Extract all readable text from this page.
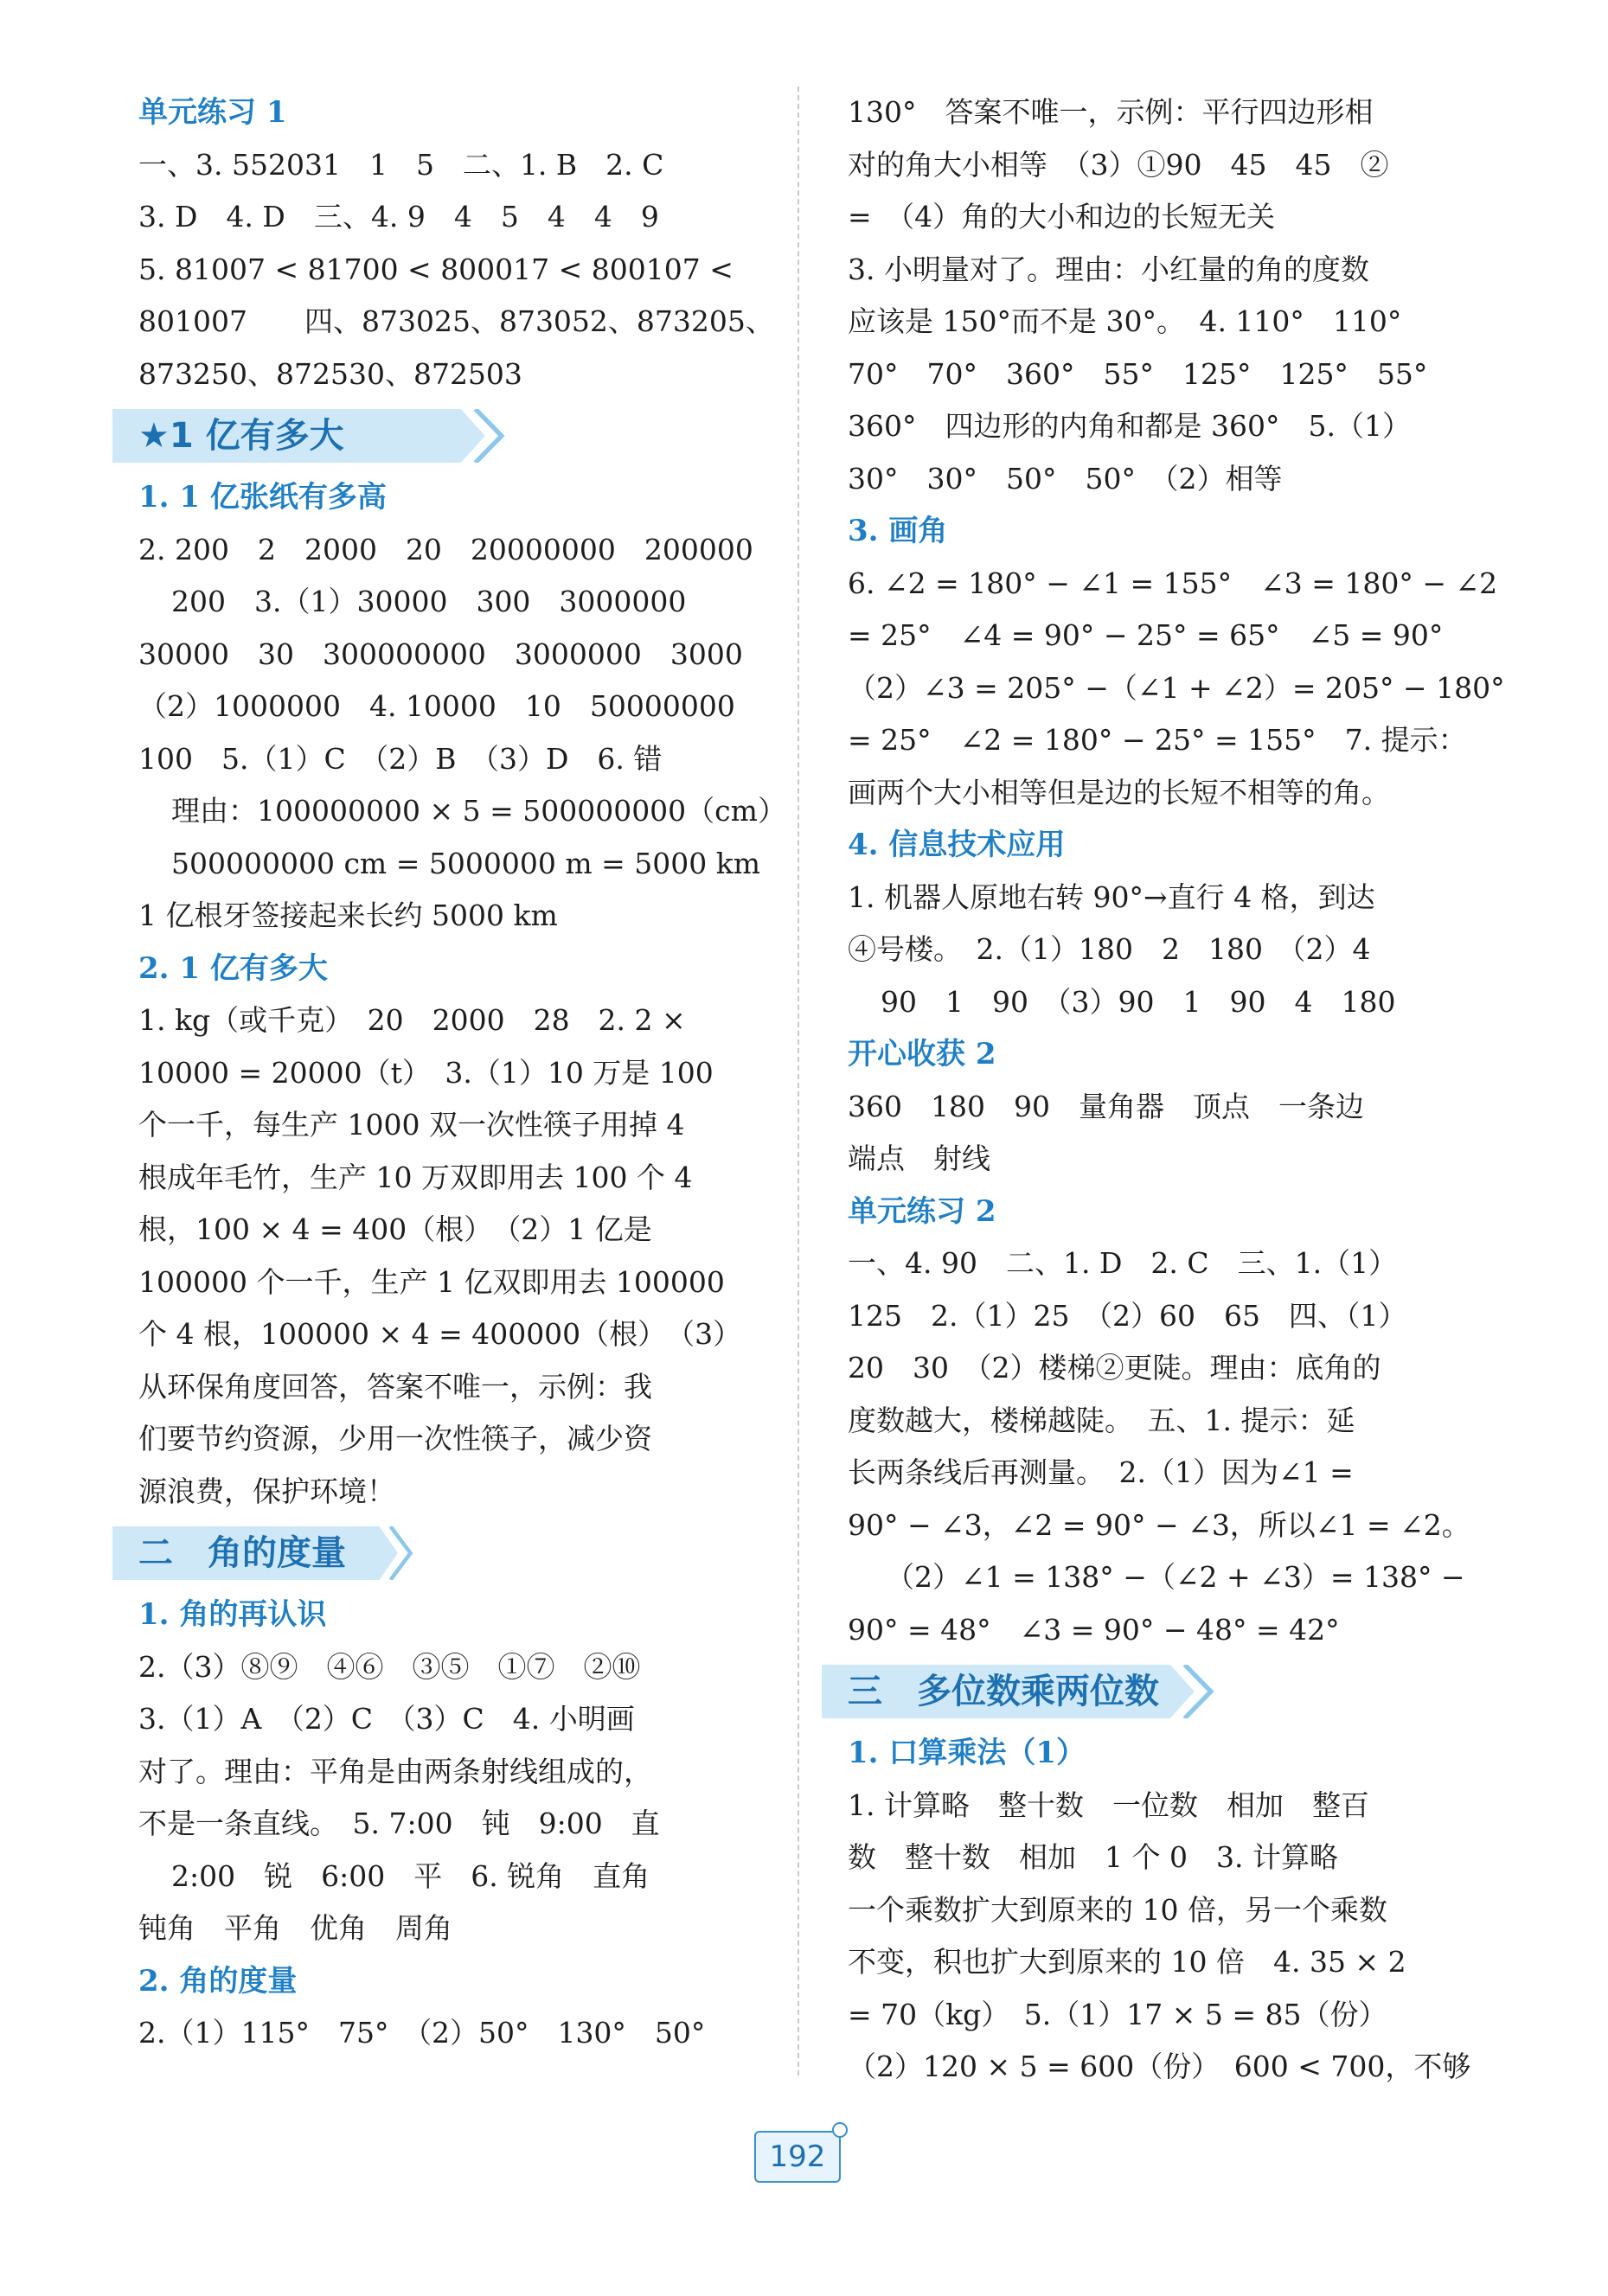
单元练习 1
一、3. 552031　1　5　二、1. B　2. C
3. D　4. D　三、4. 9　4　5　4　4　9
5. 81007 < 81700 < 800017 < 800107 <
801007　　四、873025、873052、873205、
873250、872530、872503
★1 亿有多大
1. 1 亿张纸有多高
2. 200　2　2000　20　20000000　200000
200　3.（1）30000　300　3000000
30000　30　300000000　3000000　3000
（2）1000000　4. 10000　10　50000000
100　5.（1）C　（2）B　（3）D　6. 错
理由：100000000 × 5 = 500000000（cm）
500000000 cm = 5000000 m = 5000 km
1 亿根牙签接起来长约 5000 km
2. 1 亿有多大
1. kg（或千克）　20　2000　28　2. 2 ×
10000 = 20000（t）　3.（1）10 万是 100
个一千，每生产 1000 双一次性筷子用掉 4
根成年毛竹，生产 10 万双即用去 100 个 4
根，100 × 4 = 400（根）　（2）1 亿是
100000 个一千，生产 1 亿双即用去 100000
个 4 根，100000 × 4 = 400000（根）　（3）
从环保角度回答，答案不唯一，示例：我
们要节约资源，少用一次性筷子，减少资
源浪费，保护环境！
二　角的度量
1. 角的再认识
2.（3）⑧⑨　④⑥　③⑤　①⑦　②⑩
3.（1）A　（2）C　（3）C　4. 小明画
对了。理由：平角是由两条射线组成的，
不是一条直线。　5. 7:00　钝　9:00　直
2:00　锐　6:00　平　6. 锐角　直角
钝角　平角　优角　周角
2. 角的度量
2.（1）115°　75°　（2）50°　130°　50°
130°　答案不唯一，示例：平行四边形相
对的角大小相等　（3）①90　45　45　②
=　（4）角的大小和边的长短无关
3. 小明量对了。理由：小红量的角的度数
应该是 150°而不是 30°。　4. 110°　110°
70°　70°　360°　55°　125°　125°　55°
360°　四边形的内角和都是 360°　5.（1）
30°　30°　50°　50°　（2）相等
3. 画角
6. ∠2 = 180° − ∠1 = 155°　∠3 = 180° − ∠2
= 25°　∠4 = 90° − 25° = 65°　∠5 = 90°
（2）∠3 = 205° −（∠1 + ∠2）= 205° − 180°
= 25°　∠2 = 180° − 25° = 155°　7. 提示：
画两个大小相等但是边的长短不相等的角。
4. 信息技术应用
1. 机器人原地右转 90°→直行 4 格，到达
④号楼。　2.（1）180　2　180　（2）4
90　1　90　（3）90　1　90　4　180
开心收获 2
360　180　90　量角器　顶点　一条边
端点　射线
单元练习 2
一、4. 90　二、1. D　2. C　三、1.（1）
125　2.（1）25　（2）60　65　四、（1）
20　30　（2）楼梯②更陡。理由：底角的
度数越大，楼梯越陡。　五、1. 提示：延
长两条线后再测量。　2.（1）因为∠1 =
90° − ∠3，∠2 = 90° − ∠3，所以∠1 = ∠2。
（2）∠1 = 138° −（∠2 + ∠3）= 138° −
90° = 48°　∠3 = 90° − 48° = 42°
三　多位数乘两位数
1. 口算乘法（1）
1. 计算略　整十数　一位数　相加　整百
数　整十数　相加　1 个 0　3. 计算略
一个乘数扩大到原来的 10 倍，另一个乘数
不变，积也扩大到原来的 10 倍　4. 35 × 2
= 70（kg）　5.（1）17 × 5 = 85（份）
（2）120 × 5 = 600（份）　600 < 700，不够
192
